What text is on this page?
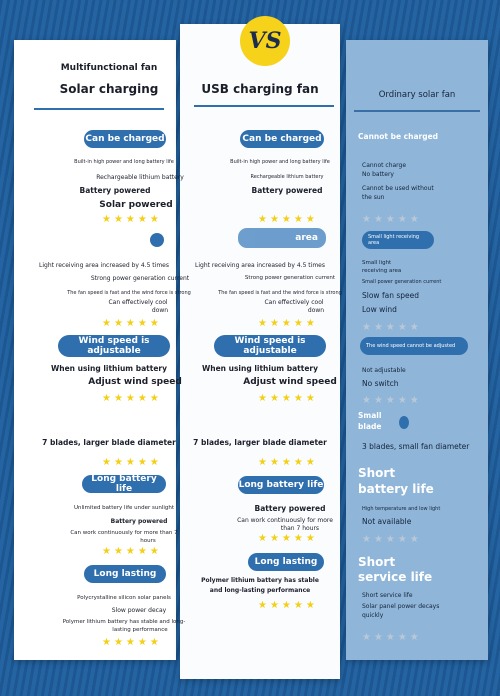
VS
Multifunctional fan
Solar charging
Can be charged
Built-in high power and long battery life
Rechargeable lithium battery
Battery powered
Solar powered
★★★★★
Light receiving area increased by 4.5 times
Strong power generation current
The fan speed is fast and the wind force is strong
Can effectively cool
down
★★★★★
Wind speed is
adjustable
When using lithium battery
Adjust wind speed
★★★★★
7 blades, larger blade diameter
★★★★★
Long battery life
Unlimited battery life under sunlight
Battery powered
Can work continuously for more than 7
hours
★★★★★
Long lasting
Polycrystalline silicon solar panels
Slow power decay
Polymer lithium battery has stable and long-
lasting performance
★★★★★
USB charging fan
Can be charged
Built-in high power and long battery life
Rechargeable lithium battery
Battery powered
★★★★★
area
Light receiving area increased by 4.5 times
Strong power generation current
The fan speed is fast and the wind force is strong
Can effectively cool
down
★★★★★
Wind speed is
adjustable
When using lithium battery
Adjust wind speed
★★★★★
7 blades, larger blade diameter
★★★★★
Long battery life
Battery powered
Can work continuously for more
than 7 hours
★★★★★
Long lasting
Polymer lithium battery has stable
and long-lasting performance
★★★★★
Ordinary solar fan
Cannot be charged
Cannot charge
No battery
Cannot be used without
the sun
★★★★★
Small light receiving
area
Small light
receiving area
Small power generation current
Slow fan speed
Low wind
★★★★★
The wind speed cannot be adjusted
Not adjustable
No switch
★★★★★
Small
blade
3 blades, small fan diameter
Short
battery life
High temperature and low light
Not available
★★★★★
Short
service life
Short service life
Solar panel power decays
quickly
★★★★★
